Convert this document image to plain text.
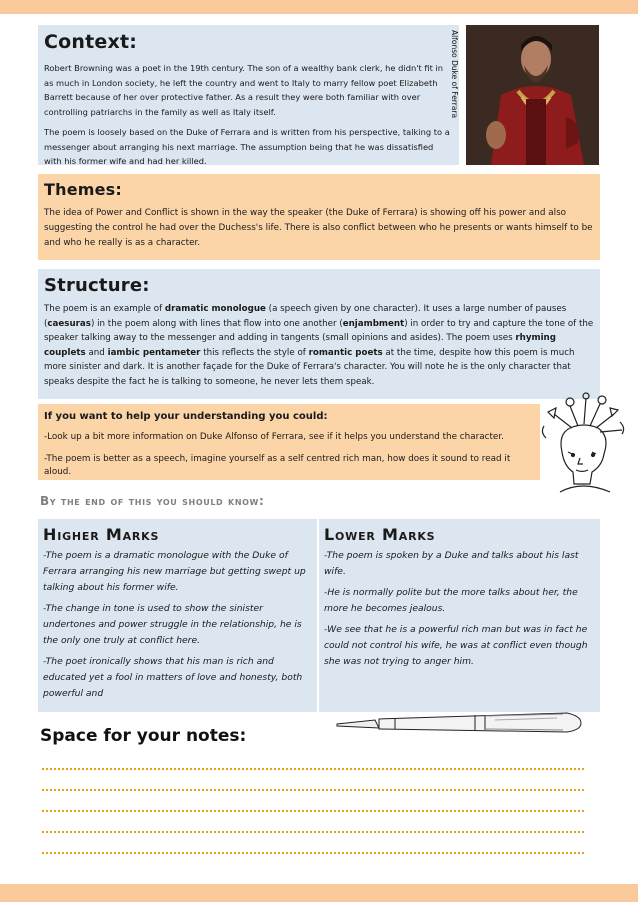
Context:

Robert Browning was a poet in the 19th century. The son of a wealthy bank clerk, he didn't fit in as much in London society, he left the country and went to Italy to marry fellow poet Elizabeth Barrett because of her over protective father. As a result they were both familiar with over controlling patriarchs in the family as well as Italy itself.

The poem is loosely based on the Duke of Ferrara and is written from his perspective, talking to a messenger about arranging his next marriage. The assumption being that he was dissatisfied with his former wife and had her killed.

Alfonso Duke of Ferrara
Themes:

The idea of Power and Conflict is shown in the way the speaker (the Duke of Ferrara) is showing off his power and also suggesting the control he had over the Duchess's life. There is also conflict between who he presents or wants himself to be and who he really is as a character.

Structure:

The poem is an example of dramatic monologue (a speech given by one character). It uses a large number of pauses (caesuras) in the poem along with lines that flow into one another (enjambment) in order to try and capture the tone of the speaker talking away to the messenger and adding in tangents (small opinions and asides). The poem uses rhyming couplets and iambic pentameter this reflects the style of romantic poets at the time, despite how this poem is much more sinister and dark. It is another façade for the Duke of Ferrara's character. You will note he is the only character that speaks despite the fact he is talking to someone, he never lets them speak.

If you want to help your understanding you could:

-Look up a bit more information on Duke Alfonso of Ferrara, see if it helps you understand the character.

-The poem is better as a speech, imagine yourself as a self centred rich man, how does it sound to read it aloud.

By the end of this you should know:
Higher Marks

-The poem is a dramatic monologue with the Duke of Ferrara arranging his new marriage but getting swept up talking about his former wife.

-The change in tone is used to show the sinister undertones and power struggle in the relationship, he is the only one truly at conflict here.

-The poet ironically shows that his man is rich and educated yet a fool in matters of love and honesty, both powerful and

Lower Marks

-The poem is spoken by a Duke and talks about his last wife.

-He is normally polite but the more talks about her, the more he becomes jealous.

-We see that he is a powerful rich man but was in fact he could not control his wife, he was at conflict even though she was not trying to anger him.

Space for your notes:
